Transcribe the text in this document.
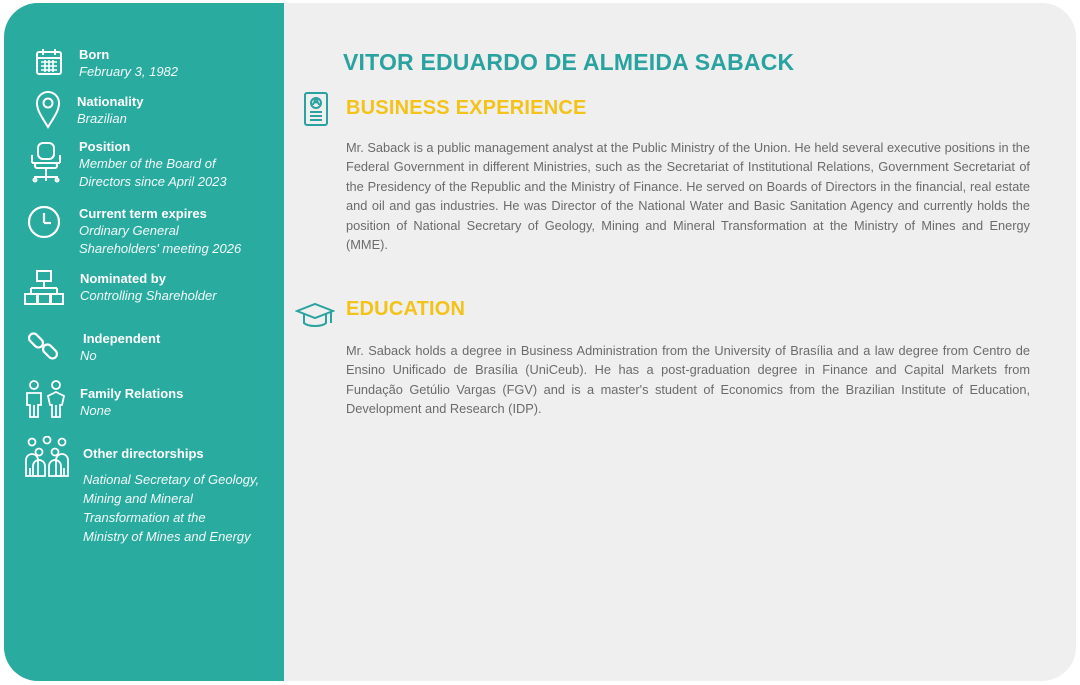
Born
February 3, 1982
Nationality
Brazilian
Position
Member of the Board of
Directors since April 2023
Current term expires
Ordinary General
Shareholders' meeting 2026
Nominated by
Controlling Shareholder
Independent
No
Family Relations
None
Other directorships
National Secretary of Geology,
Mining and Mineral
Transformation at the
Ministry of Mines and Energy
VITOR EDUARDO DE ALMEIDA SABACK
BUSINESS EXPERIENCE
Mr. Saback is a public management analyst at the Public Ministry of the Union. He held several executive positions in the Federal Government in different Ministries, such as the Secretariat of Institutional Relations, Government Secretariat of the Presidency of the Republic and the Ministry of Finance. He served on Boards of Directors in the financial, real estate and oil and gas industries. He was Director of the National Water and Basic Sanitation Agency and currently holds the position of National Secretary of Geology, Mining and Mineral Transformation at the Ministry of Mines and Energy (MME).
EDUCATION
Mr. Saback holds a degree in Business Administration from the University of Brasília and a law degree from Centro de Ensino Unificado de Brasília (UniCeub). He has a post-graduation degree in Finance and Capital Markets from Fundação Getúlio Vargas (FGV) and is a master's student of Economics from the Brazilian Institute of Education, Development and Research (IDP).
